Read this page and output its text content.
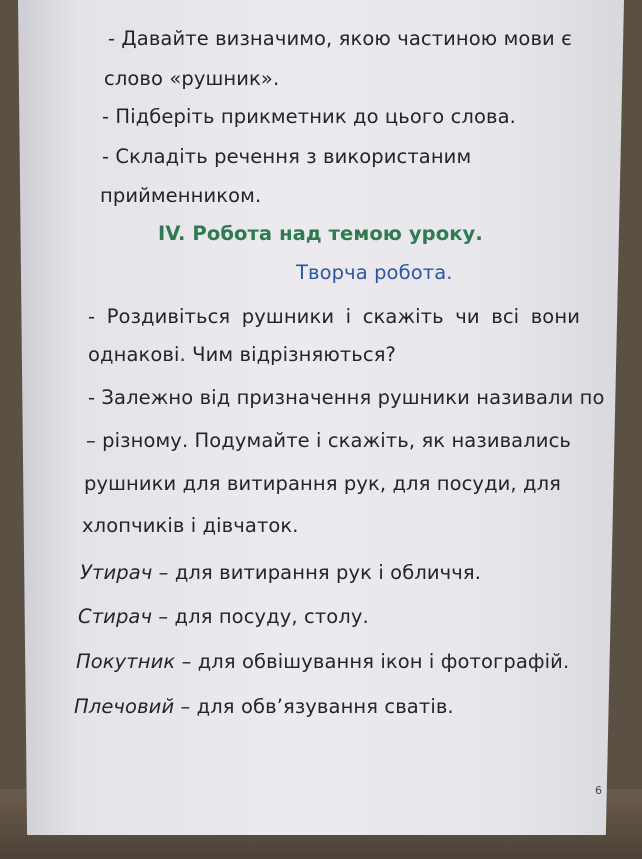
- Давайте визначимо, якою частиною мови є

слово «рушник».

- Підберіть прикметник до цього слова.

- Складіть речення з використаним

прийменником.

IV. Робота над темою уроку.

Творча робота.

- Роздивіться рушники і скажіть чи всі вони

однакові. Чим відрізняються?

- Залежно від призначення рушники називали по

– різному. Подумайте і скажіть, як називались

рушники для витирання рук, для посуди, для

хлопчиків і дівчаток.

Утирач – для витирання рук і обличчя.

Стирач – для посуду, столу.

Покутник – для обвішування ікон і фотографій.

Плечовий – для обв’язування сватів.

6
